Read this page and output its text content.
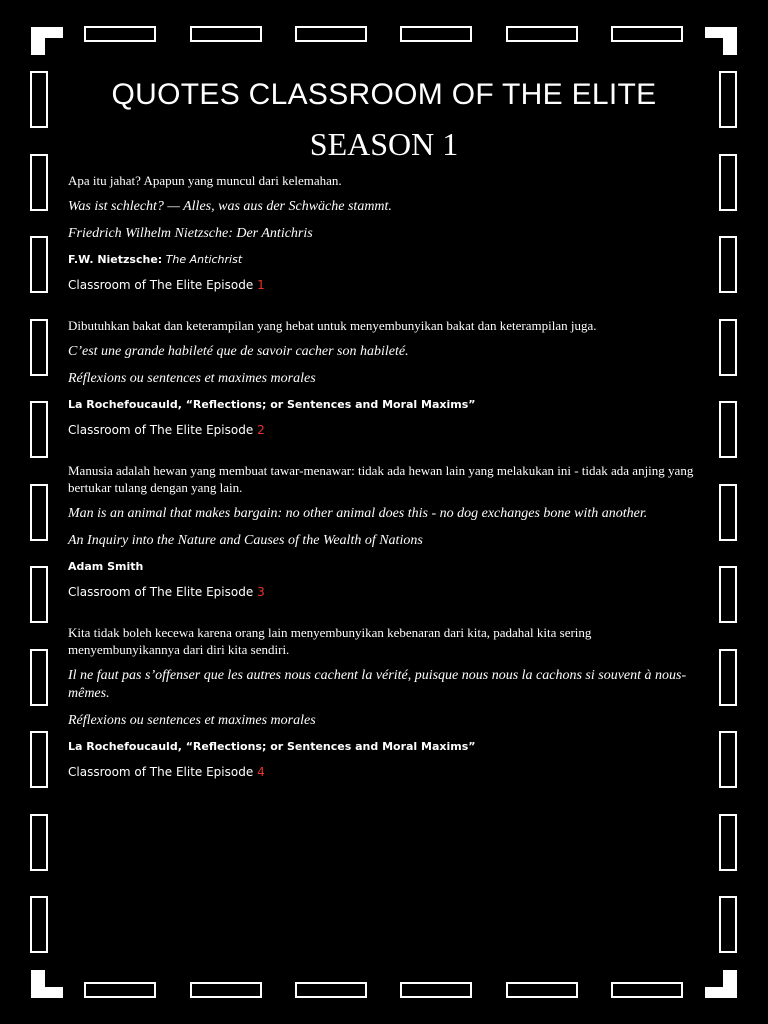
QUOTES CLASSROOM OF THE ELITE
SEASON 1

Apa itu jahat? Apapun yang muncul dari kelemahan.

Was ist schlecht? — Alles, was aus der Schwäche stammt.

Friedrich Wilhelm Nietzsche: Der Antichris

F.W. Nietzsche: The Antichrist

Classroom of The Elite Episode 1

Dibutuhkan bakat dan keterampilan yang hebat untuk menyembunyikan bakat dan keterampilan juga.

C’est une grande habileté que de savoir cacher son habileté.

Réflexions ou sentences et maximes morales

La Rochefoucauld, “Reflections; or Sentences and Moral Maxims”

Classroom of The Elite Episode 2

Manusia adalah hewan yang membuat tawar-menawar: tidak ada hewan lain yang melakukan ini - tidak ada anjing yang bertukar tulang dengan yang lain.

Man is an animal that makes bargain: no other animal does this - no dog exchanges bone with another.

An Inquiry into the Nature and Causes of the Wealth of Nations

Adam Smith

Classroom of The Elite Episode 3

Kita tidak boleh kecewa karena orang lain menyembunyikan kebenaran dari kita, padahal kita sering menyembunyikannya dari diri kita sendiri.

Il ne faut pas s’offenser que les autres nous cachent la vérité, puisque nous nous la cachons si souvent à nous-mêmes.

Réflexions ou sentences et maximes morales

La Rochefoucauld, “Reflections; or Sentences and Moral Maxims”

Classroom of The Elite Episode 4
